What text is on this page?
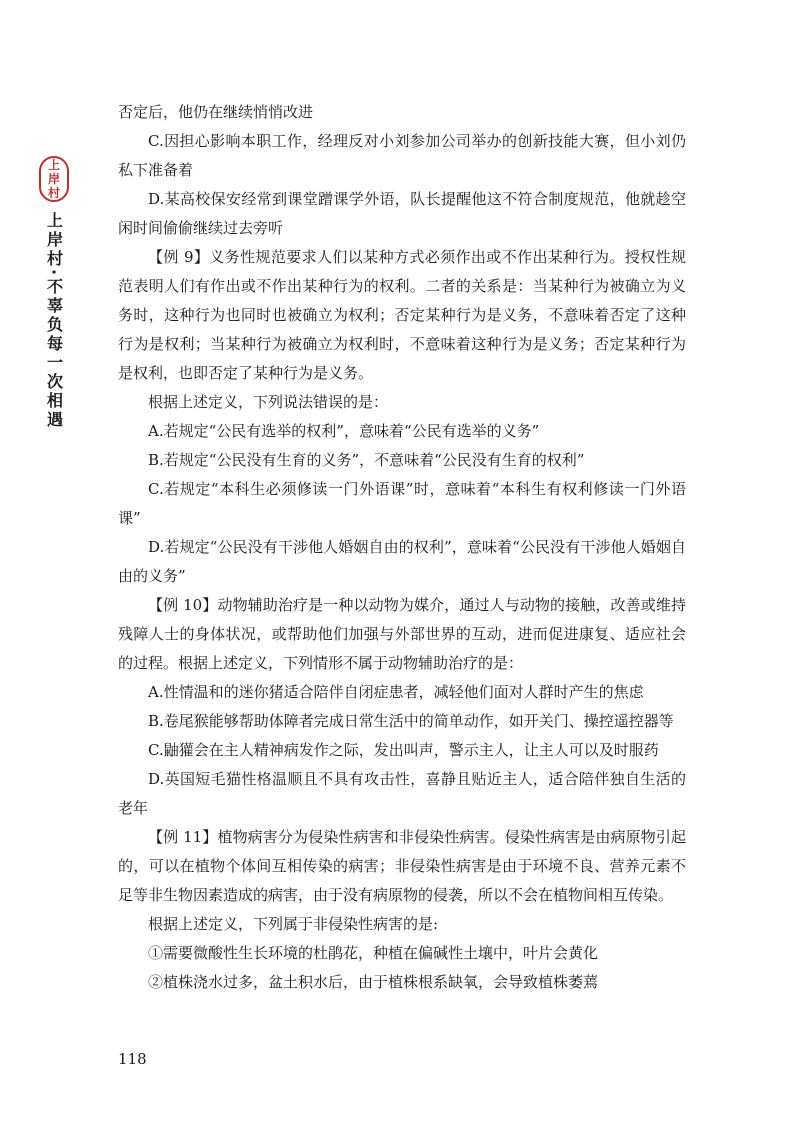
上
岸
村
上岸村·不辜负每一次相遇

否定后，他仍在继续悄悄改进

C.因担心影响本职工作，经理反对小刘参加公司举办的创新技能大赛，但小刘仍私下准备着

D.某高校保安经常到课堂蹭课学外语，队长提醒他这不符合制度规范，他就趁空闲时间偷偷继续过去旁听

【例 9】义务性规范要求人们以某种方式必须作出或不作出某种行为。授权性规范表明人们有作出或不作出某种行为的权利。二者的关系是：当某种行为被确立为义务时，这种行为也同时也被确立为权利；否定某种行为是义务，不意味着否定了这种行为是权利；当某种行为被确立为权利时，不意味着这种行为是义务；否定某种行为是权利，也即否定了某种行为是义务。

根据上述定义，下列说法错误的是：

A.若规定“公民有选举的权利”，意味着“公民有选举的义务”

B.若规定“公民没有生育的义务”，不意味着“公民没有生育的权利”

C.若规定“本科生必须修读一门外语课”时，意味着“本科生有权利修读一门外语课”

D.若规定“公民没有干涉他人婚姻自由的权利”，意味着“公民没有干涉他人婚姻自由的义务”

【例 10】动物辅助治疗是一种以动物为媒介，通过人与动物的接触，改善或维持残障人士的身体状况，或帮助他们加强与外部世界的互动，进而促进康复、适应社会的过程。根据上述定义，下列情形不属于动物辅助治疗的是：

A.性情温和的迷你猪适合陪伴自闭症患者，减轻他们面对人群时产生的焦虑

B.卷尾猴能够帮助体障者完成日常生活中的简单动作，如开关门、操控遥控器等

C.鼬獾会在主人精神病发作之际，发出叫声，警示主人，让主人可以及时服药

D.英国短毛猫性格温顺且不具有攻击性，喜静且贴近主人，适合陪伴独自生活的老年

【例 11】植物病害分为侵染性病害和非侵染性病害。侵染性病害是由病原物引起的，可以在植物个体间互相传染的病害；非侵染性病害是由于环境不良、营养元素不足等非生物因素造成的病害，由于没有病原物的侵袭，所以不会在植物间相互传染。

根据上述定义，下列属于非侵染性病害的是:

①需要微酸性生长环境的杜鹃花，种植在偏碱性土壤中，叶片会黄化

②植株浇水过多，盆土积水后，由于植株根系缺氧，会导致植株萎蔫

118
